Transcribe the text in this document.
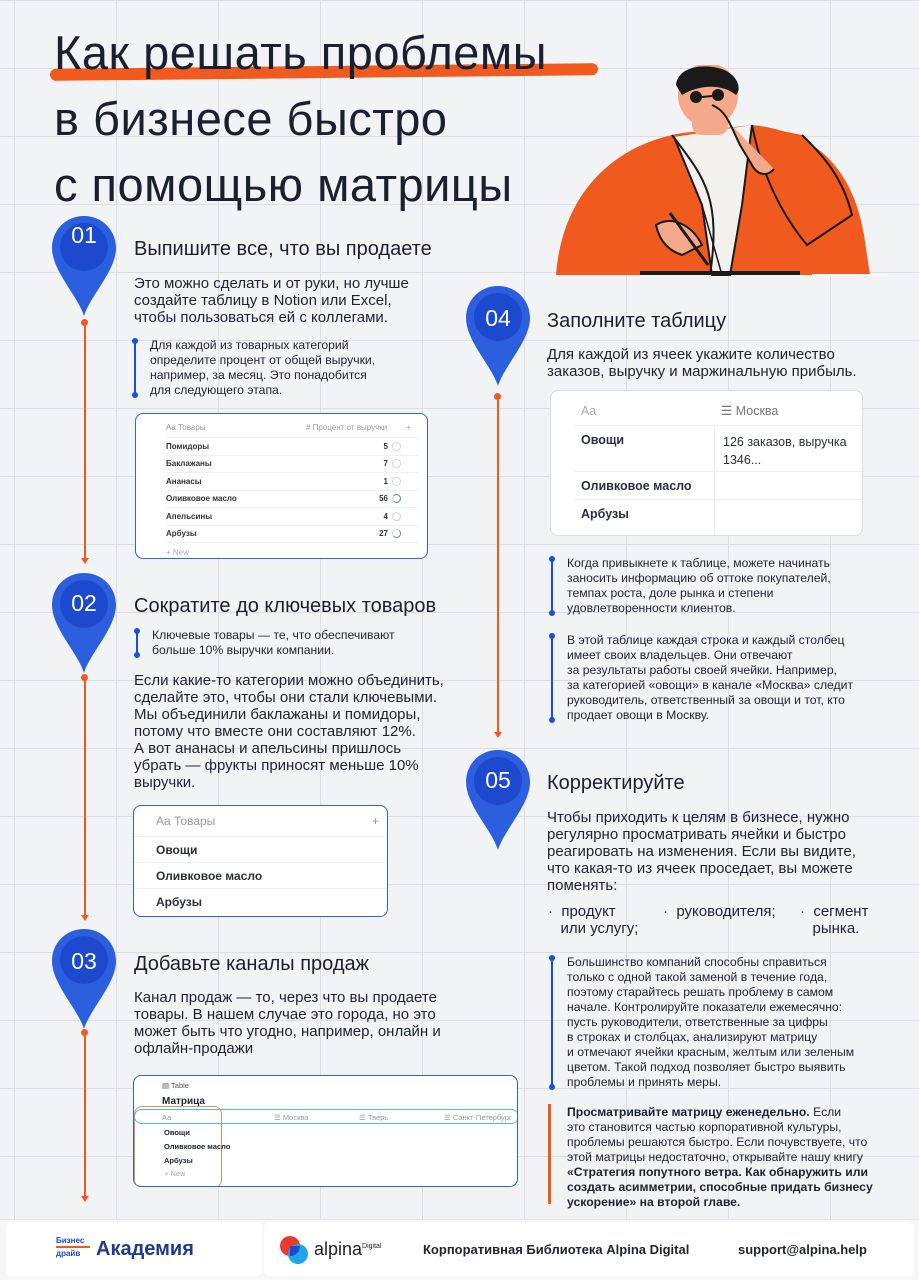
Как решать проблемы
в бизнесе быстро
с помощью матрицы
01
02
03
04
05
Выпишите все, что вы продаете
Это можно сделать и от руки, но лучше
создайте таблицу в Notion или Excel,
чтобы пользоваться ей с коллегами.
Для каждой из товарных категорий
определите процент от общей выручки,
например, за месяц. Это понадобится
для следующего этапа.
Aa Товары	# Процент от выручки	+
Помидоры	5
Баклажаны	7
Ананасы	1
Оливковое масло	56
Апельсины	4
Арбузы	27
+ New
Сократите до ключевых товаров
Ключевые товары — те, что обеспечивают
больше 10% выручки компании.
Если какие-то категории можно объединить,
сделайте это, чтобы они стали ключевыми.
Мы объединили баклажаны и помидоры,
потому что вместе они составляют 12%.
А вот ананасы и апельсины пришлось
убрать — фрукты приносят меньше 10%
выручки.
Aa Товары	+
Овощи
Оливковое масло
Арбузы
Добавьте каналы продаж
Канал продаж — то, через что вы продаете
товары. В нашем случае это города, но это
может быть что угодно, например, онлайн и
офлайн-продажи
▤ Table
Матрица
Aa	☰ Москва	☰ Тверь	☰ Санкт-Петербург
Овощи
Оливковое масло
Арбузы
+ New
Заполните таблицу
Для каждой из ячеек укажите количество
заказов, выручку и маржинальную прибыль.
Aa	☰ Москва
Овощи	126 заказов, выручка
1346...
Оливковое масло
Арбузы
Когда привыкнете к таблице, можете начинать
заносить информацию об оттоке покупателей,
темпах роста, доле рынка и степени
удовлетворенности клиентов.
В этой таблице каждая строка и каждый столбец
имеет своих владельцев. Они отвечают
за результаты работы своей ячейки. Например,
за категорией «овощи» в канале «Москва» следит
руководитель, ответственный за овощи и тот, кто
продает овощи в Москву.
Корректируйте
Чтобы приходить к целям в бизнесе, нужно
регулярно просматривать ячейки и быстро
реагировать на изменения. Если вы видите,
что какая-то из ячеек проседает, вы можете
поменять:
·  продукт
или услугу;
·  руководителя;	·  сегмент
рынка.
Большинство компаний способны справиться
только с одной такой заменой в течение года,
поэтому старайтесь решать проблему в самом
начале. Контролируйте показатели ежемесячно:
пусть руководители, ответственные за цифры
в строках и столбцах, анализируют матрицу
и отмечают ячейки красным, желтым или зеленым
цветом. Такой подход позволяет быстро выявить
проблемы и принять меры.
Просматривайте матрицу еженедельно. Если
это становится частью корпоративной культуры,
проблемы решаются быстро. Если почувствуете, что
этой матрицы недостаточно, открывайте нашу книгу
«Стратегия попутного ветра. Как обнаружить или
создать асимметрии, способные придать бизнесу
ускорение» на второй главе.
Бизнес
драйв Академия	alpina$^{Digital}$	Корпоративная Библиотека Alpina Digital	support@alpina.help
